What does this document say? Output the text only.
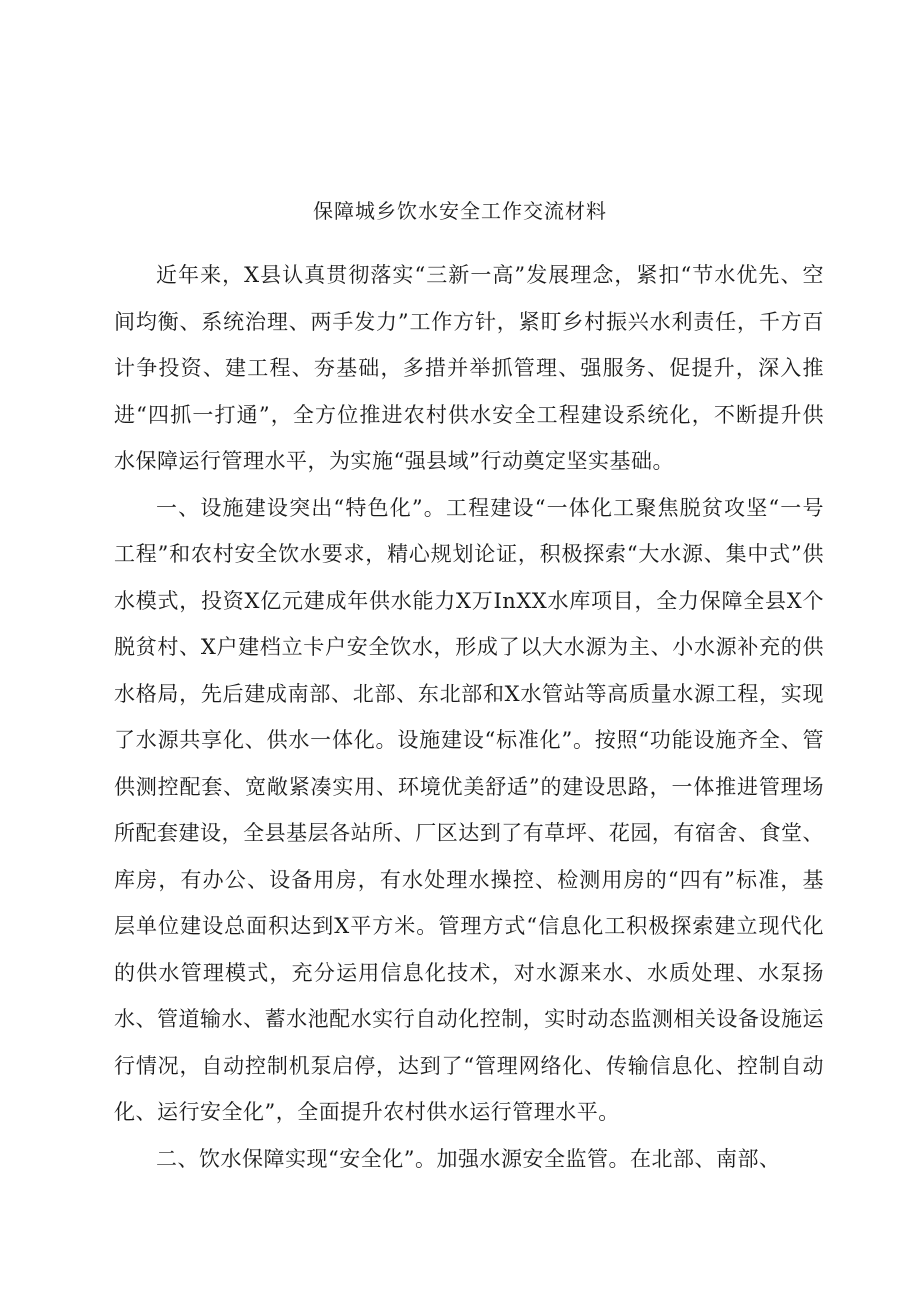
保障城乡饮水安全工作交流材料

近年来，X县认真贯彻落实“三新一高”发展理念，紧扣“节水优先、空间均衡、系统治理、两手发力”工作方针，紧盯乡村振兴水利责任，千方百计争投资、建工程、夯基础，多措并举抓管理、强服务、促提升，深入推进“四抓一打通”，全方位推进农村供水安全工程建设系统化，不断提升供水保障运行管理水平，为实施“强县域”行动奠定坚实基础。

一、设施建设突出“特色化”。工程建设“一体化工聚焦脱贫攻坚“一号工程”和农村安全饮水要求，精心规划论证，积极探索“大水源、集中式”供水模式，投资X亿元建成年供水能力X万InXX水库项目，全力保障全县X个脱贫村、X户建档立卡户安全饮水，形成了以大水源为主、小水源补充的供水格局，先后建成南部、北部、东北部和X水管站等高质量水源工程，实现了水源共享化、供水一体化。设施建设“标准化”。按照“功能设施齐全、管供测控配套、宽敞紧凑实用、环境优美舒适”的建设思路，一体推进管理场所配套建设，全县基层各站所、厂区达到了有草坪、花园，有宿舍、食堂、库房，有办公、设备用房，有水处理水操控、检测用房的“四有”标准，基层单位建设总面积达到X平方米。管理方式“信息化工积极探索建立现代化的供水管理模式，充分运用信息化技术，对水源来水、水质处理、水泵扬水、管道输水、蓄水池配水实行自动化控制，实时动态监测相关设备设施运行情况，自动控制机泵启停，达到了“管理网络化、传输信息化、控制自动化、运行安全化”，全面提升农村供水运行管理水平。

二、饮水保障实现“安全化”。加强水源安全监管。在北部、南部、
